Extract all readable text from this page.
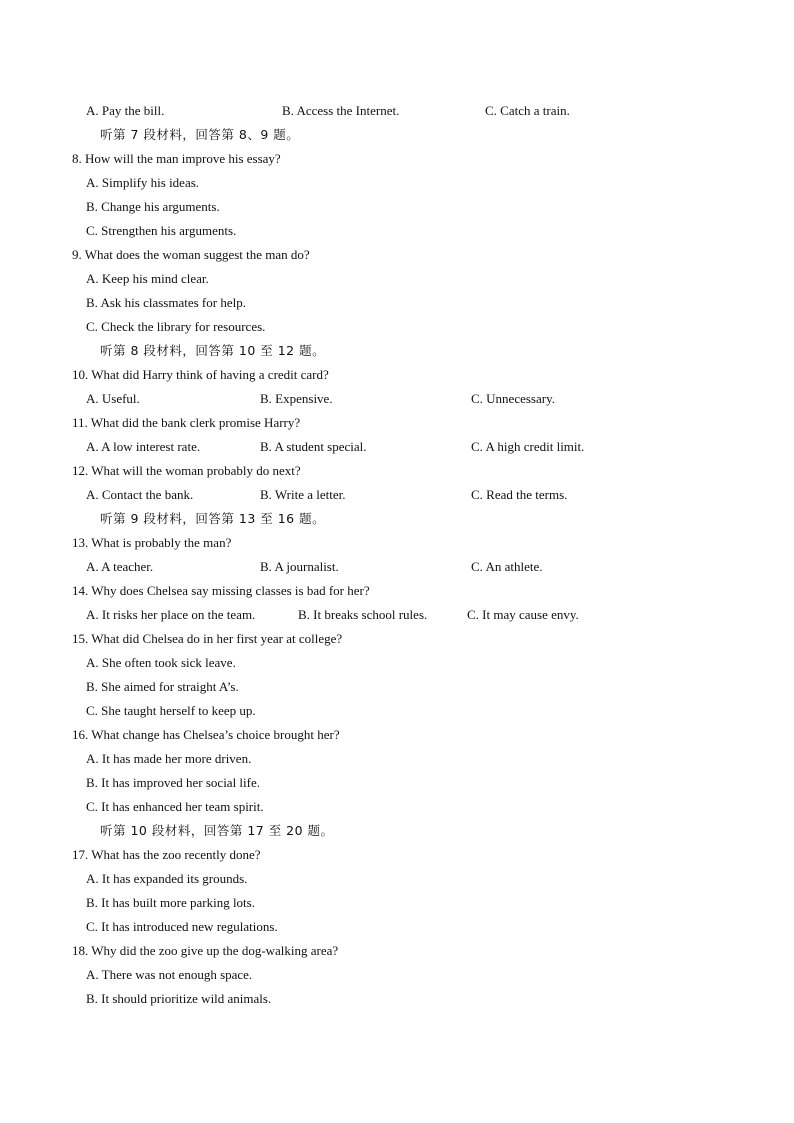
A. Pay the bill.	B. Access the Internet.	C. Catch a train.
听第 7 段材料，回答第 8、9 题。
8. How will the man improve his essay?
A. Simplify his ideas.
B. Change his arguments.
C. Strengthen his arguments.
9. What does the woman suggest the man do?
A. Keep his mind clear.
B. Ask his classmates for help.
C. Check the library for resources.
听第 8 段材料，回答第 10 至 12 题。
10. What did Harry think of having a credit card?
A. Useful.	B. Expensive.	C. Unnecessary.
11. What did the bank clerk promise Harry?
A. A low interest rate.	B. A student special.	C. A high credit limit.
12. What will the woman probably do next?
A. Contact the bank.	B. Write a letter.	C. Read the terms.
听第 9 段材料，回答第 13 至 16 题。
13. What is probably the man?
A. A teacher.	B. A journalist.	C. An athlete.
14. Why does Chelsea say missing classes is bad for her?
A. It risks her place on the team.	B. It breaks school rules.	C. It may cause envy.
15. What did Chelsea do in her first year at college?
A. She often took sick leave.
B. She aimed for straight A’s.
C. She taught herself to keep up.
16. What change has Chelsea’s choice brought her?
A. It has made her more driven.
B. It has improved her social life.
C. It has enhanced her team spirit.
听第 10 段材料，回答第 17 至 20 题。
17. What has the zoo recently done?
A. It has expanded its grounds.
B. It has built more parking lots.
C. It has introduced new regulations.
18. Why did the zoo give up the dog-walking area?
A. There was not enough space.
B. It should prioritize wild animals.
